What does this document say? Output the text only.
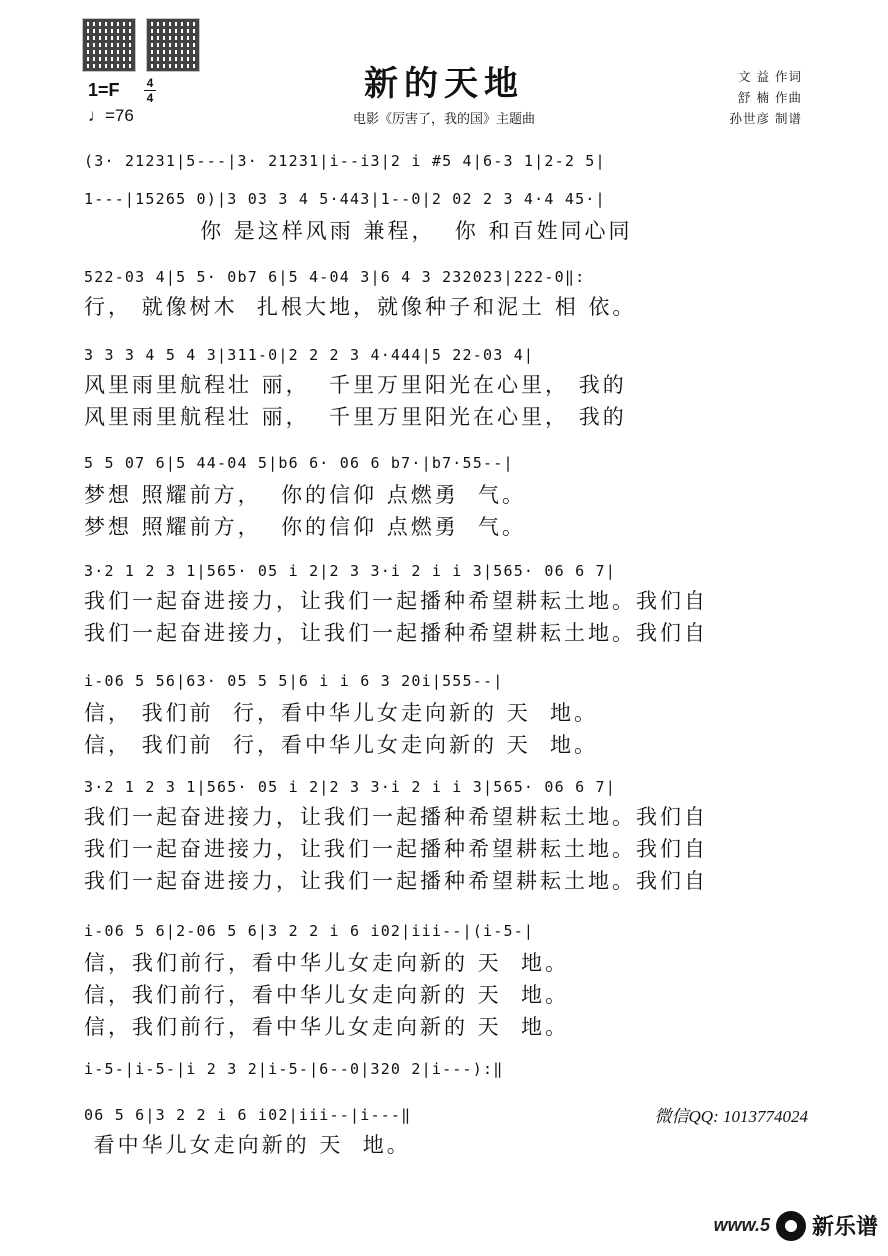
新的天地
电影《厉害了，我的国》主题曲
1=F 4
4
♩=76
文 益 作词
舒 楠 作曲
孙世彦 制谱
(3· 21231|5---|3· 21231|i--i3|2 i #5 4|6-3 1|2-2 5|
1---|15265 0)|3 03 3 4 5·443|1--0|2 02 2 3 4·4 45·|
你 是这样风雨 兼程，  你 和百姓同心同
522-03 4|5 5· 0b7 6|5 4-04 3|6 4 3 232023|222-0‖:
行， 就像树木  扎根大地，就像种子和泥土 相 依。
3 3 3 4 5 4 3|311-0|2 2 2 3 4·444|5 22-03 4|
风里雨里航程壮 丽，  千里万里阳光在心里， 我的
风里雨里航程壮 丽，  千里万里阳光在心里， 我的
5 5 07 6|5 44-04 5|b6 6· 06 6 b7·|b7·55--|
梦想 照耀前方，  你的信仰 点燃勇  气。
梦想 照耀前方，  你的信仰 点燃勇  气。
3·2 1 2 3 1|565· 05 i 2|2 3 3·i 2 i i 3|565· 06 6 7|
我们一起奋进接力，让我们一起播种希望耕耘土地。我们自
我们一起奋进接力，让我们一起播种希望耕耘土地。我们自
i-06 5 56|63· 05 5 5|6 i i 6 3 20i|555--|
信， 我们前  行，看中华儿女走向新的 天  地。
信， 我们前  行，看中华儿女走向新的 天  地。
3·2 1 2 3 1|565· 05 i 2|2 3 3·i 2 i i 3|565· 06 6 7|
我们一起奋进接力，让我们一起播种希望耕耘土地。我们自
我们一起奋进接力，让我们一起播种希望耕耘土地。我们自
我们一起奋进接力，让我们一起播种希望耕耘土地。我们自
i-06 5 6|2-06 5 6|3 2 2 i 6 i02|iii--|(i-5-|
信，我们前行，看中华儿女走向新的 天  地。
信，我们前行，看中华儿女走向新的 天  地。
信，我们前行，看中华儿女走向新的 天  地。
i-5-|i-5-|i 2 3 2|i-5-|6--0|320 2|i---):‖
06 5 6|3 2 2 i 6 i02|iii--|i---‖
看中华儿女走向新的 天  地。
微信QQ: 1013774024
www.5 新乐谱
